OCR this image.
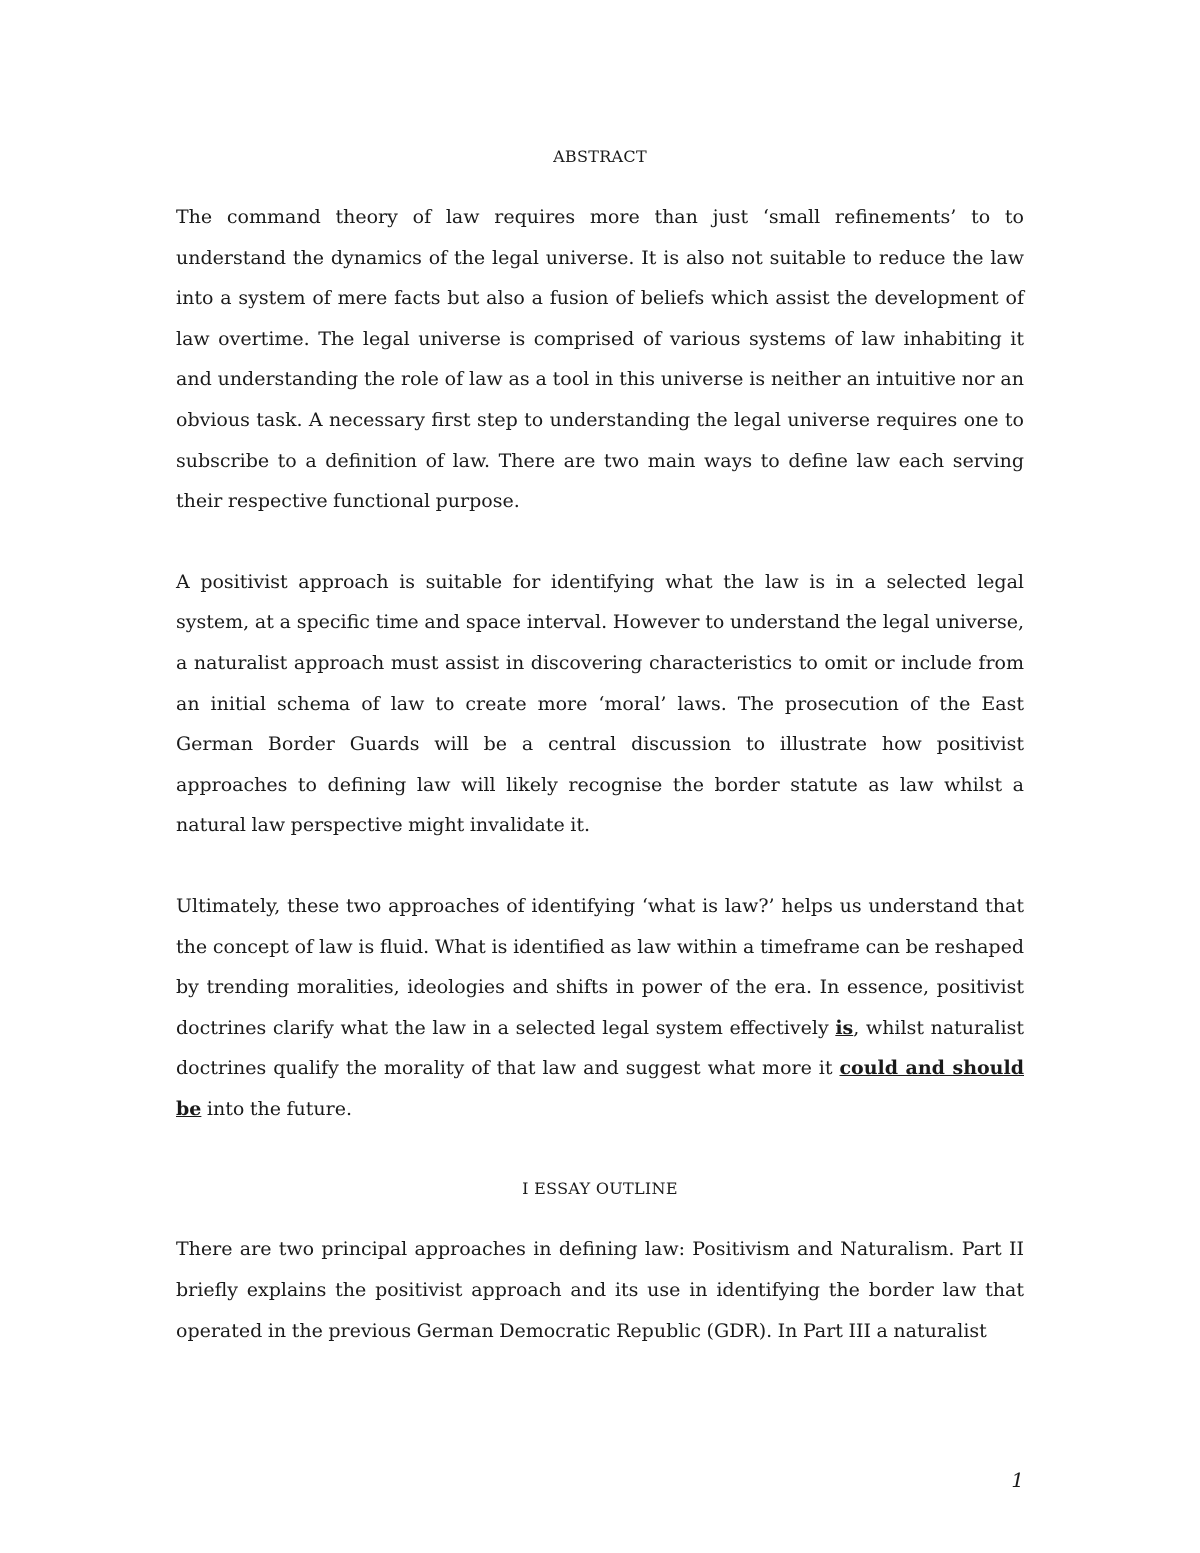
ABSTRACT

The command theory of law requires more than just ‘small refinements’ to to understand the dynamics of the legal universe. It is also not suitable to reduce the law into a system of mere facts but also a fusion of beliefs which assist the development of law overtime. The legal universe is comprised of various systems of law inhabiting it and understanding the role of law as a tool in this universe is neither an intuitive nor an obvious task. A necessary first step to understanding the legal universe requires one to subscribe to a definition of law. There are two main ways to define law each serving their respective functional purpose.

A positivist approach is suitable for identifying what the law is in a selected legal system, at a specific time and space interval. However to understand the legal universe, a naturalist approach must assist in discovering characteristics to omit or include from an initial schema of law to create more ‘moral’ laws. The prosecution of the East German Border Guards will be a central discussion to illustrate how positivist approaches to defining law will likely recognise the border statute as law whilst a natural law perspective might invalidate it.

Ultimately, these two approaches of identifying ‘what is law?’ helps us understand that the concept of law is fluid. What is identified as law within a timeframe can be reshaped by trending moralities, ideologies and shifts in power of the era. In essence, positivist doctrines clarify what the law in a selected legal system effectively is, whilst naturalist doctrines qualify the morality of that law and suggest what more it could and should be into the future.

I ESSAY OUTLINE

There are two principal approaches in defining law: Positivism and Naturalism. Part II briefly explains the positivist approach and its use in identifying the border law that operated in the previous German Democratic Republic (GDR). In Part III a naturalist

1
